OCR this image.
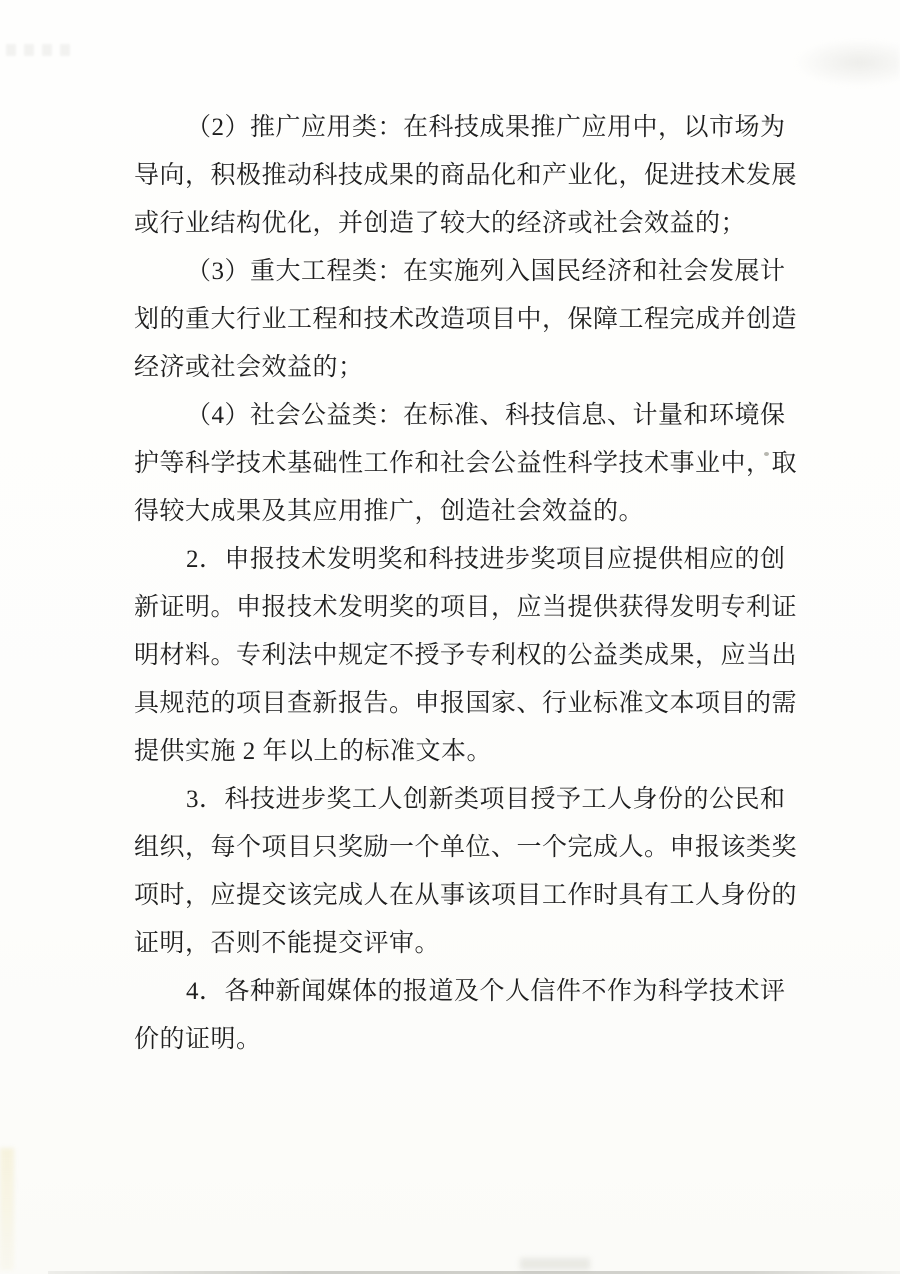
（2）推广应用类：在科技成果推广应用中，以市场为
导向，积极推动科技成果的商品化和产业化，促进技术发展
或行业结构优化，并创造了较大的经济或社会效益的；
（3）重大工程类：在实施列入国民经济和社会发展计
划的重大行业工程和技术改造项目中，保障工程完成并创造
经济或社会效益的；
（4）社会公益类：在标准、科技信息、计量和环境保
护等科学技术基础性工作和社会公益性科学技术事业中，取
得较大成果及其应用推广，创造社会效益的。
2．申报技术发明奖和科技进步奖项目应提供相应的创
新证明。申报技术发明奖的项目，应当提供获得发明专利证
明材料。专利法中规定不授予专利权的公益类成果，应当出
具规范的项目查新报告。申报国家、行业标准文本项目的需
提供实施 2 年以上的标准文本。
3．科技进步奖工人创新类项目授予工人身份的公民和
组织，每个项目只奖励一个单位、一个完成人。申报该类奖
项时，应提交该完成人在从事该项目工作时具有工人身份的
证明，否则不能提交评审。
4．各种新闻媒体的报道及个人信件不作为科学技术评
价的证明。
